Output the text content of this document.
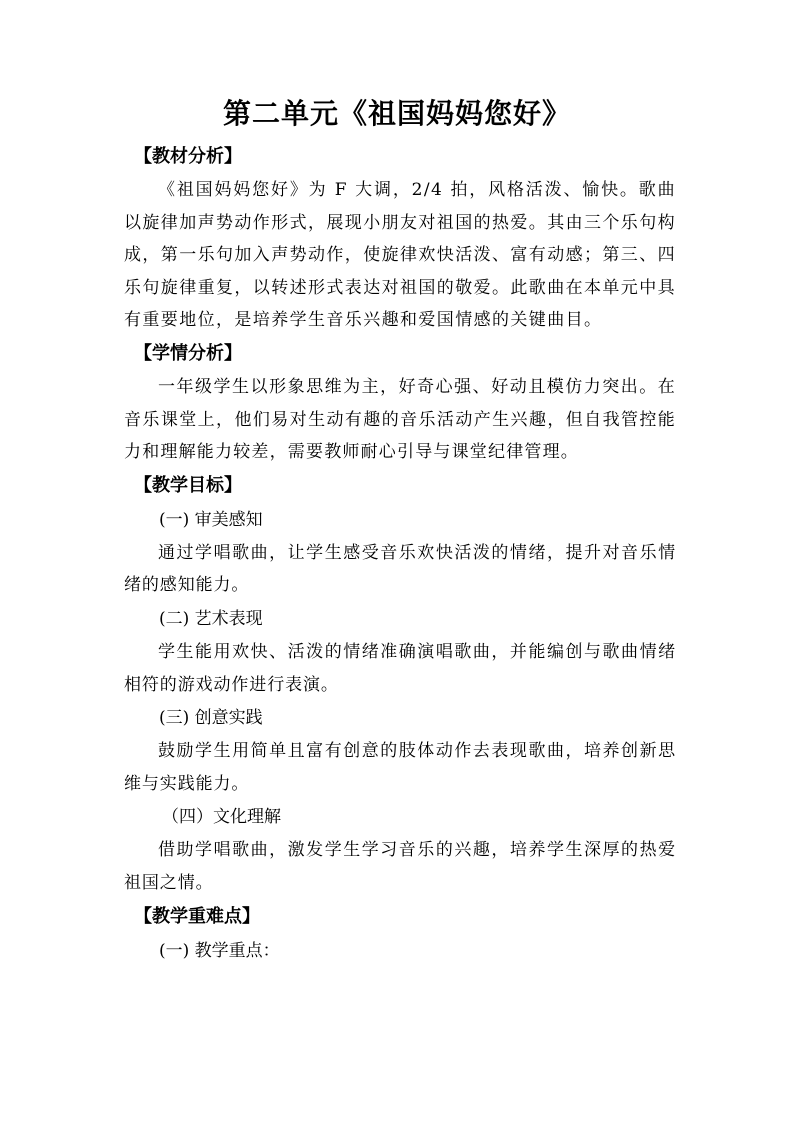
第二单元《祖国妈妈您好》

【教材分析】

《祖国妈妈您好》为 F 大调，2/4 拍，风格活泼、愉快。歌曲以旋律加声势动作形式，展现小朋友对祖国的热爱。其由三个乐句构成，第一乐句加入声势动作，使旋律欢快活泼、富有动感；第三、四乐句旋律重复，以转述形式表达对祖国的敬爱。此歌曲在本单元中具有重要地位，是培养学生音乐兴趣和爱国情感的关键曲目。

【学情分析】

一年级学生以形象思维为主，好奇心强、好动且模仿力突出。在音乐课堂上，他们易对生动有趣的音乐活动产生兴趣，但自我管控能力和理解能力较差，需要教师耐心引导与课堂纪律管理。

【教学目标】

(一) 审美感知

通过学唱歌曲，让学生感受音乐欢快活泼的情绪，提升对音乐情绪的感知能力。

(二) 艺术表现

学生能用欢快、活泼的情绪准确演唱歌曲，并能编创与歌曲情绪相符的游戏动作进行表演。

(三) 创意实践

鼓励学生用简单且富有创意的肢体动作去表现歌曲，培养创新思维与实践能力。

（四）文化理解

借助学唱歌曲，激发学生学习音乐的兴趣，培养学生深厚的热爱祖国之情。

【教学重难点】

(一) 教学重点：
